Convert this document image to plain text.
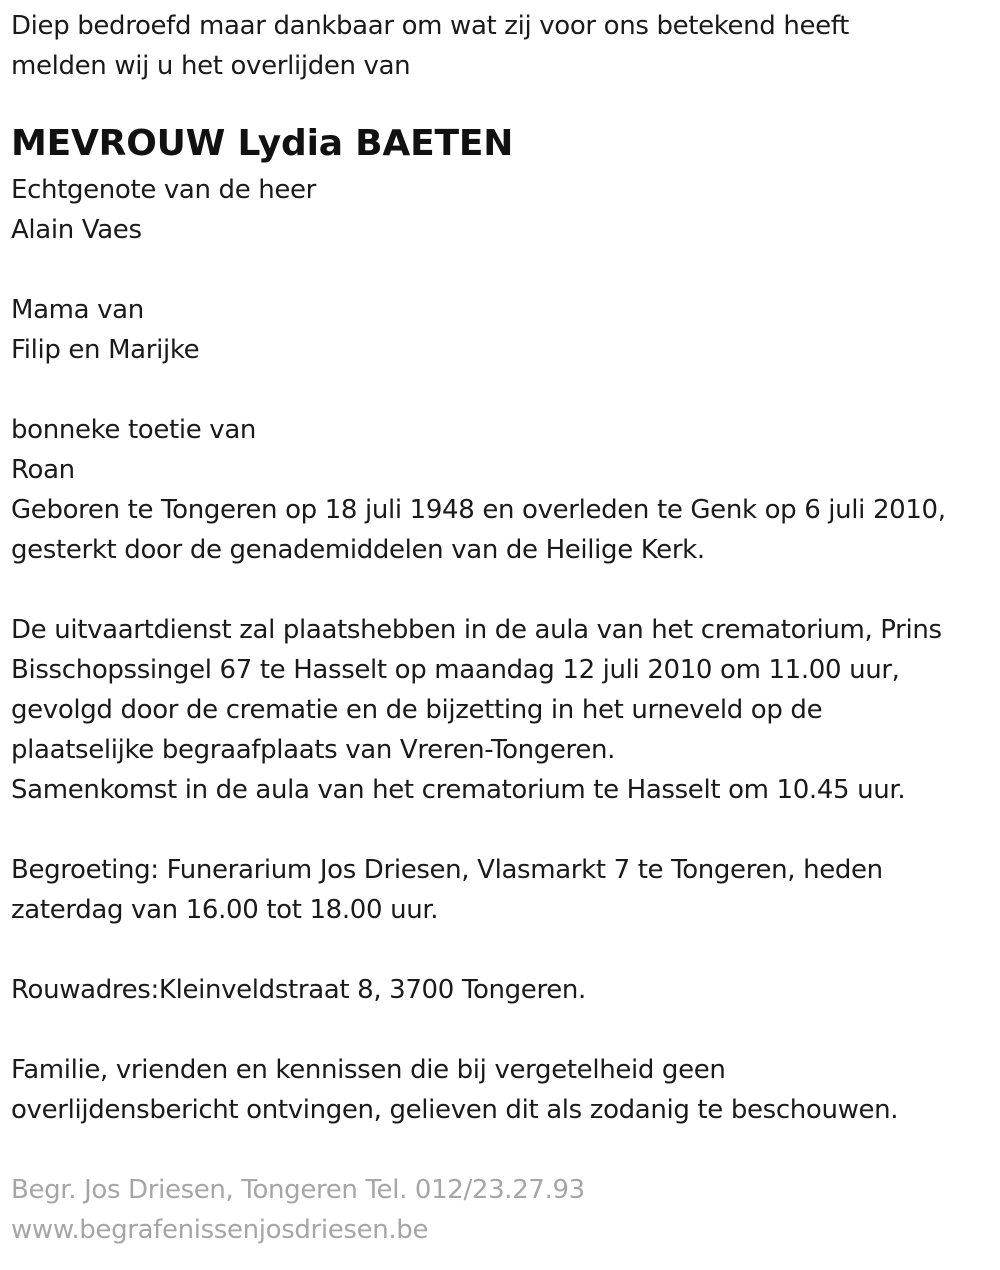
Diep bedroefd maar dankbaar om wat zij voor ons betekend heeft
melden wij u het overlijden van
MEVROUW Lydia BAETEN
Echtgenote van de heer
Alain Vaes
Mama van
Filip en Marijke
bonneke toetie van
Roan
Geboren te Tongeren op 18 juli 1948 en overleden te Genk op 6 juli 2010,
gesterkt door de genademiddelen van de Heilige Kerk.
De uitvaartdienst zal plaatshebben in de aula van het crematorium, Prins
Bisschopssingel 67 te Hasselt op maandag 12 juli 2010 om 11.00 uur,
gevolgd door de crematie en de bijzetting in het urneveld op de
plaatselijke begraafplaats van Vreren-Tongeren.
Samenkomst in de aula van het crematorium te Hasselt om 10.45 uur.
Begroeting: Funerarium Jos Driesen, Vlasmarkt 7 te Tongeren, heden
zaterdag van 16.00 tot 18.00 uur.
Rouwadres:Kleinveldstraat 8, 3700 Tongeren.
Familie, vrienden en kennissen die bij vergetelheid geen
overlijdensbericht ontvingen, gelieven dit als zodanig te beschouwen.
Begr. Jos Driesen, Tongeren Tel. 012/23.27.93
www.begrafenissenjosdriesen.be
